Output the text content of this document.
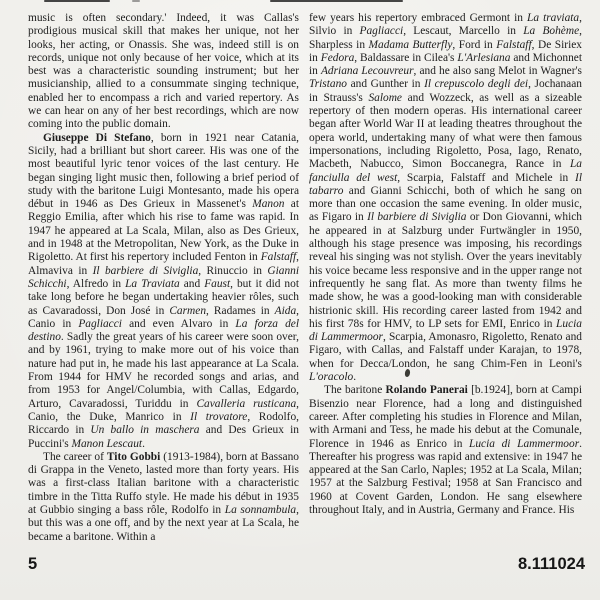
music is often secondary.' Indeed, it was Callas's prodigious musical skill that makes her unique, not her looks, her acting, or Onassis. She was, indeed still is on records, unique not only because of her voice, which at its best was a characteristic sounding instrument; but her musicianship, allied to a consummate singing technique, enabled her to encompass a rich and varied repertory. As we can hear on any of her best recordings, which are now coming into the public domain.

Giuseppe Di Stefano, born in 1921 near Catania, Sicily, had a brilliant but short career. His was one of the most beautiful lyric tenor voices of the last century. He began singing light music then, following a brief period of study with the baritone Luigi Montesanto, made his opera début in 1946 as Des Grieux in Massenet's Manon at Reggio Emilia, after which his rise to fame was rapid. In 1947 he appeared at La Scala, Milan, also as Des Grieux, and in 1948 at the Metropolitan, New York, as the Duke in Rigoletto. At first his repertory included Fenton in Falstaff, Almaviva in Il barbiere di Siviglia, Rinuccio in Gianni Schicchi, Alfredo in La Traviata and Faust, but it did not take long before he began undertaking heavier rôles, such as Cavaradossi, Don José in Carmen, Radames in Aida, Canio in Pagliacci and even Alvaro in La forza del destino. Sadly the great years of his career were soon over, and by 1961, trying to make more out of his voice than nature had put in, he made his last appearance at La Scala. From 1944 for HMV he recorded songs and arias, and from 1953 for Angel/Columbia, with Callas, Edgardo, Arturo, Cavaradossi, Turiddu in Cavalleria rusticana, Canio, the Duke, Manrico in Il trovatore, Rodolfo, Riccardo in Un ballo in maschera and Des Grieux in Puccini's Manon Lescaut.

The career of Tito Gobbi (1913-1984), born at Bassano di Grappa in the Veneto, lasted more than forty years. His was a first-class Italian baritone with a characteristic timbre in the Titta Ruffo style. He made his début in 1935 at Gubbio singing a bass rôle, Rodolfo in La sonnambula, but this was a one off, and by the next year at La Scala, he became a baritone. Within a

few years his repertory embraced Germont in La traviata, Silvio in Pagliacci, Lescaut, Marcello in La Bohème, Sharpless in Madama Butterfly, Ford in Falstaff, De Siriex in Fedora, Baldassare in Cilea's L'Arlesiana and Michonnet in Adriana Lecouvreur, and he also sang Melot in Wagner's Tristano and Gunther in Il crepuscolo degli dei, Jochanaan in Strauss's Salome and Wozzeck, as well as a sizeable repertory of then modern operas. His international career began after World War II at leading theatres throughout the opera world, undertaking many of what were then famous impersonations, including Rigoletto, Posa, Iago, Renato, Macbeth, Nabucco, Simon Boccanegra, Rance in La fanciulla del west, Scarpia, Falstaff and Michele in Il tabarro and Gianni Schicchi, both of which he sang on more than one occasion the same evening. In older music, as Figaro in Il barbiere di Siviglia or Don Giovanni, which he appeared in at Salzburg under Furtwängler in 1950, although his stage presence was imposing, his recordings reveal his singing was not stylish. Over the years inevitably his voice became less responsive and in the upper range not infrequently he sang flat. As more than twenty films he made show, he was a good-looking man with considerable histrionic skill. His recording career lasted from 1942 and his first 78s for HMV, to LP sets for EMI, Enrico in Lucia di Lammermoor, Scarpia, Amonasro, Rigoletto, Renato and Figaro, with Callas, and Falstaff under Karajan, to 1978, when for Decca/London, he sang Chim-Fen in Leoni's L'oracolo.

The baritone Rolando Panerai [b.1924], born at Campi Bisenzio near Florence, had a long and distinguished career. After completing his studies in Florence and Milan, with Armani and Tess, he made his debut at the Comunale, Florence in 1946 as Enrico in Lucia di Lammermoor. Thereafter his progress was rapid and extensive: in 1947 he appeared at the San Carlo, Naples; 1952 at La Scala, Milan; 1957 at the Salzburg Festival; 1958 at San Francisco and 1960 at Covent Garden, London. He sang elsewhere throughout Italy, and in Austria, Germany and France. His

5	8.111024
